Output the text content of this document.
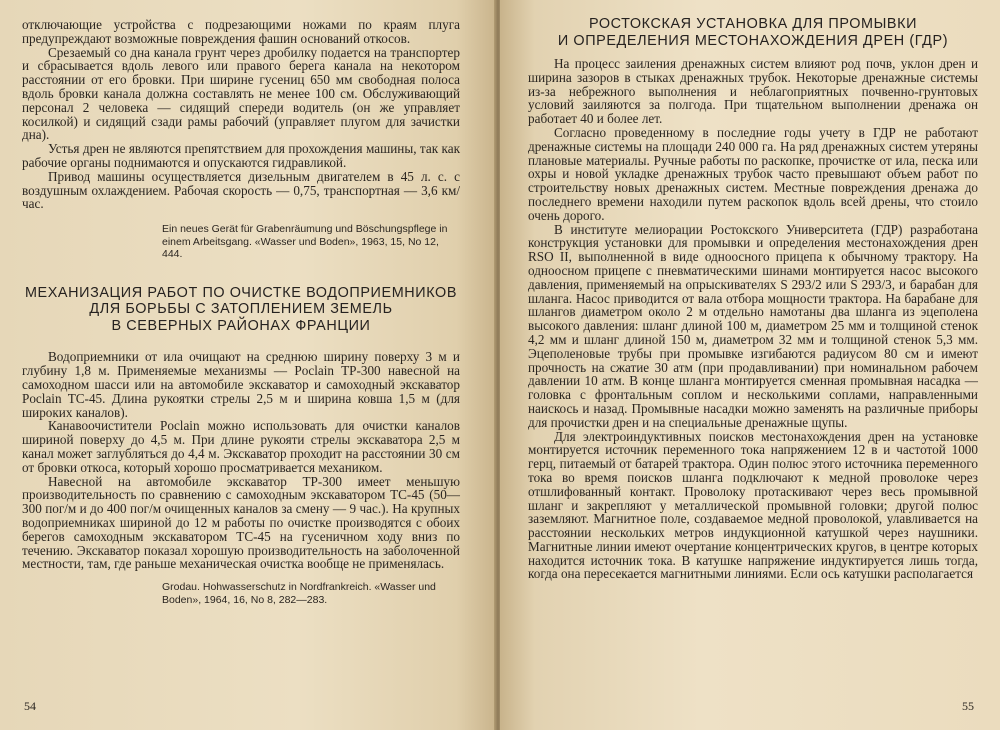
отключающие устройства с подрезающими ножами по краям плуга предупреждают возможные повреждения фашин оснований откосов.

Срезаемый со дна канала грунт через дробилку подается на транспортер и сбрасывается вдоль левого или правого берега канала на некотором расстоянии от его бровки. При ширине гусениц 650 мм свободная полоса вдоль бровки канала должна составлять не менее 100 см. Обслуживающий персонал 2 человека — сидящий спереди водитель (он же управляет косилкой) и сидящий сзади рамы рабочий (управляет плугом для зачистки дна).

Устья дрен не являются препятствием для прохождения машины, так как рабочие органы поднимаются и опускаются гидравликой.

Привод машины осуществляется дизельным двигателем в 45 л. с. с воздушным охлаждением. Рабочая скорость — 0,75, транспортная — 3,6 км/час.

Ein neues Gerät für Grabenräumung und Böschungspflege in einem Arbeitsgang. «Wasser und Boden», 1963, 15, No 12, 444.

МЕХАНИЗАЦИЯ РАБОТ ПО ОЧИСТКЕ ВОДОПРИЕМНИКОВ
ДЛЯ БОРЬБЫ С ЗАТОПЛЕНИЕМ ЗЕМЕЛЬ
В СЕВЕРНЫХ РАЙОНАХ ФРАНЦИИ

Водоприемники от ила очищают на среднюю ширину поверху 3 м и глубину 1,8 м. Применяемые механизмы — Poclain TP-300 навесной на самоходном шасси или на автомобиле экскаватор и самоходный экскаватор Poclain TC-45. Длина рукоятки стрелы 2,5 м и ширина ковша 1,5 м (для широких каналов).

Канавоочистители Poclain можно использовать для очистки каналов шириной поверху до 4,5 м. При длине рукояти стрелы экскаватора 2,5 м канал может заглубляться до 4,4 м. Экскаватор проходит на расстоянии 30 см от бровки откоса, который хорошо просматривается механиком.

Навесной на автомобиле экскаватор TP-300 имеет меньшую производительность по сравнению с самоходным экскаватором TC-45 (50—300 пог/м и до 400 пог/м очищенных каналов за смену — 9 час.). На крупных водоприемниках шириной до 12 м работы по очистке производятся с обоих берегов самоходным экскаватором TC-45 на гусеничном ходу вниз по течению. Экскаватор показал хорошую производительность на заболоченной местности, там, где раньше механическая очистка вообще не применялась.

Grodau. Hohwasserschutz in Nordfrankreich. «Wasser und Boden», 1964, 16, No 8, 282—283.

54
РОСТОКСКАЯ УСТАНОВКА ДЛЯ ПРОМЫВКИ
И ОПРЕДЕЛЕНИЯ МЕСТОНАХОЖДЕНИЯ ДРЕН (ГДР)

На процесс заиления дренажных систем влияют род почв, уклон дрен и ширина зазоров в стыках дренажных трубок. Некоторые дренажные системы из-за небрежного выполнения и неблагоприятных почвенно-грунтовых условий заиляются за полгода. При тщательном выполнении дренажа он работает 40 и более лет.

Согласно проведенному в последние годы учету в ГДР не работают дренажные системы на площади 240 000 га. На ряд дренажных систем утеряны плановые материалы. Ручные работы по раскопке, прочистке от ила, песка или охры и новой укладке дренажных трубок часто превышают объем работ по строительству новых дренажных систем. Местные повреждения дренажа до последнего времени находили путем раскопок вдоль всей дрены, что стоило очень дорого.

В институте мелиорации Ростокского Университета (ГДР) разработана конструкция установки для промывки и определения местонахождения дрен RSO II, выполненной в виде одноосного прицепа к обычному трактору. На одноосном прицепе с пневматическими шинами монтируется насос высокого давления, применяемый на опрыскивателях S 293/2 или S 293/3, и барабан для шланга. Насос приводится от вала отбора мощности трактора. На барабане для шлангов диаметром около 2 м отдельно намотаны два шланга из эцеполена высокого давления: шланг длиной 100 м, диаметром 25 мм и толщиной стенок 4,2 мм и шланг длиной 150 м, диаметром 32 мм и толщиной стенок 5,3 мм. Эцеполеновые трубы при промывке изгибаются радиусом 80 см и имеют прочность на сжатие 30 атм (при продавливании) при номинальном рабочем давлении 10 атм. В конце шланга монтируется сменная промывная насадка — головка с фронтальным соплом и несколькими соплами, направленными наискось и назад. Промывные насадки можно заменять на различные приборы для прочистки дрен и на специальные дренажные щупы.

Для электроиндуктивных поисков местонахождения дрен на установке монтируется источник переменного тока напряжением 12 в и частотой 1000 герц, питаемый от батарей трактора. Один полюс этого источника переменного тока во время поисков шланга подключают к медной проволоке через отшлифованный контакт. Проволоку протаскивают через весь промывной шланг и закрепляют у металлической промывной головки; другой полюс заземляют. Магнитное поле, создаваемое медной проволокой, улавливается на расстоянии нескольких метров индукционной катушкой через наушники. Магнитные линии имеют очертание концентрических кругов, в центре которых находится источник тока. В катушке напряжение индуктируется лишь тогда, когда она пересекается магнитными линиями. Если ось катушки располагается

55
